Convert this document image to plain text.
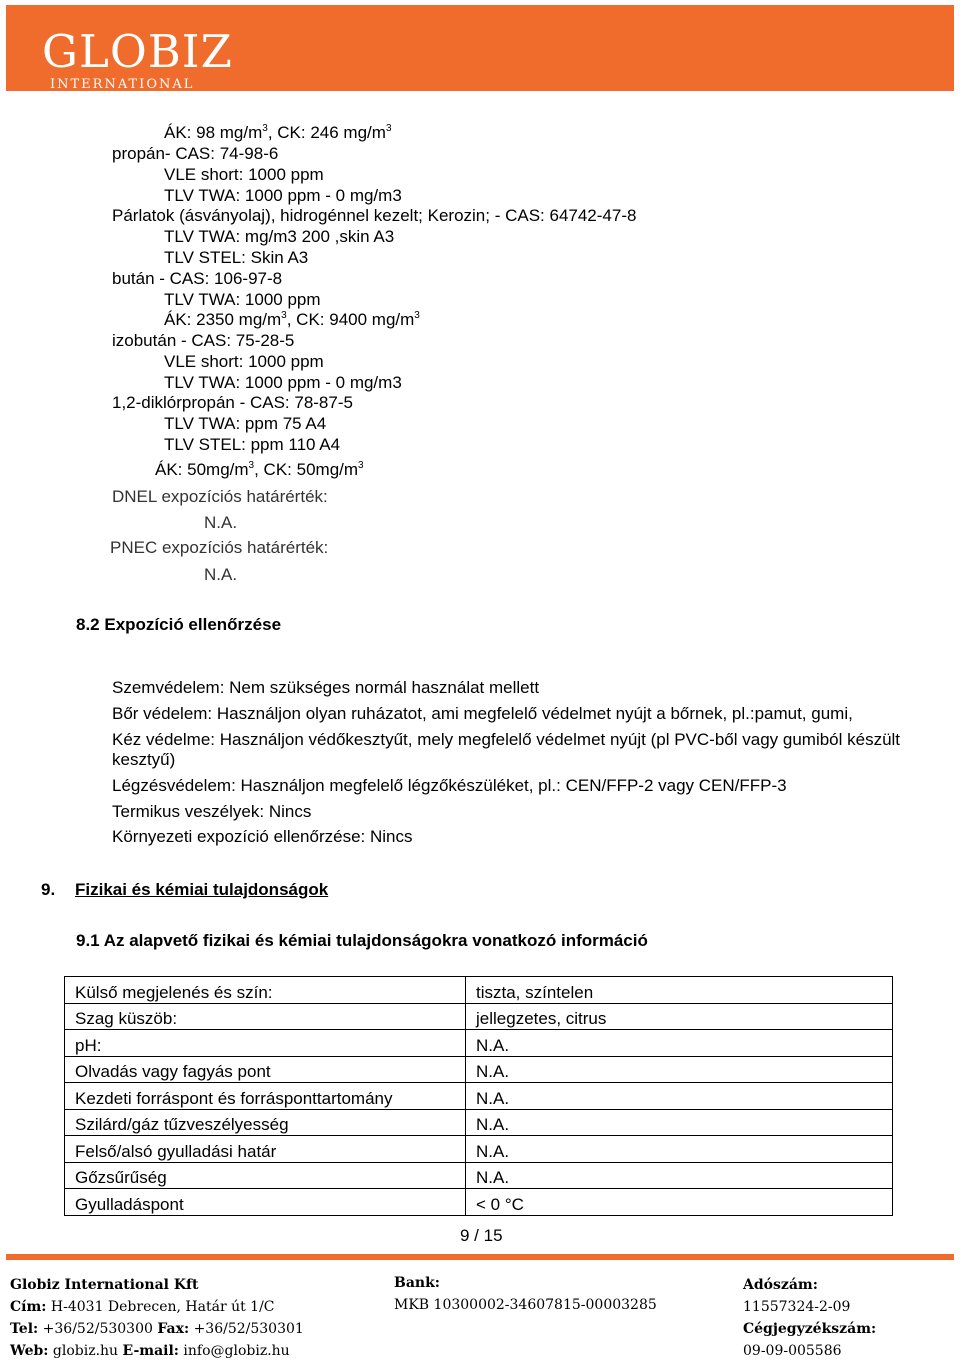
GLOBIZ
INTERNATIONAL
ÁK: 98 $mg/m^3$, CK: 246 $mg/m^3$
propán- CAS: 74-98-6
VLE short: 1000 ppm
TLV TWA: 1000 ppm - 0 mg/m3
Párlatok (ásványolaj), hidrogénnel kezelt; Kerozin; - CAS: 64742-47-8
TLV TWA: mg/m3 200 ,skin A3
TLV STEL: Skin A3
bután - CAS: 106-97-8
TLV TWA: 1000 ppm
ÁK: 2350 $mg/m^3$, CK: 9400 $mg/m^3$
izobután - CAS: 75-28-5
VLE short: 1000 ppm
TLV TWA: 1000 ppm - 0 mg/m3
1,2-diklórpropán - CAS: 78-87-5
TLV TWA: ppm 75 A4
TLV STEL: ppm 110 A4
ÁK: $50mg/m^3$, CK: $50mg/m^3$
DNEL expozíciós határérték:
N.A.
PNEC expozíciós határérték:
N.A.
8.2 Expozíció ellenőrzése
Szemvédelem: Nem szükséges normál használat mellett
Bőr védelem: Használjon olyan ruházatot, ami megfelelő védelmet nyújt a bőrnek, pl.:pamut, gumi,
Kéz védelme: Használjon védőkesztyűt, mely megfelelő védelmet nyújt (pl PVC-ből vagy gumiból készült
kesztyű)
Légzésvédelem: Használjon megfelelő légzőkészüléket, pl.: CEN/FFP-2 vagy CEN/FFP-3
Termikus veszélyek: Nincs
Környezeti expozíció ellenőrzése: Nincs
9. Fizikai és kémiai tulajdonságok
9.1 Az alapvető fizikai és kémiai tulajdonságokra vonatkozó információ
Külső megjelenés és szín:	tiszta, színtelen
Szag küszöb:	jellegzetes, citrus
pH:	N.A.
Olvadás vagy fagyás pont	N.A.
Kezdeti forráspont és forrásponttartomány	N.A.
Szilárd/gáz tűzveszélyesség	N.A.
Felső/alsó gyulladási határ	N.A.
Gőzsűrűség	N.A.
Gyulladáspont	< 0 °C
9 / 15
Globiz International Kft
Cím: H-4031 Debrecen, Határ út 1/C
Tel: +36/52/530300 Fax: +36/52/530301
Web: globiz.hu E-mail: info@globiz.hu
Bank:
MKB 10300002-34607815-00003285
Adószám:
11557324-2-09
Cégjegyzékszám:
09-09-005586
